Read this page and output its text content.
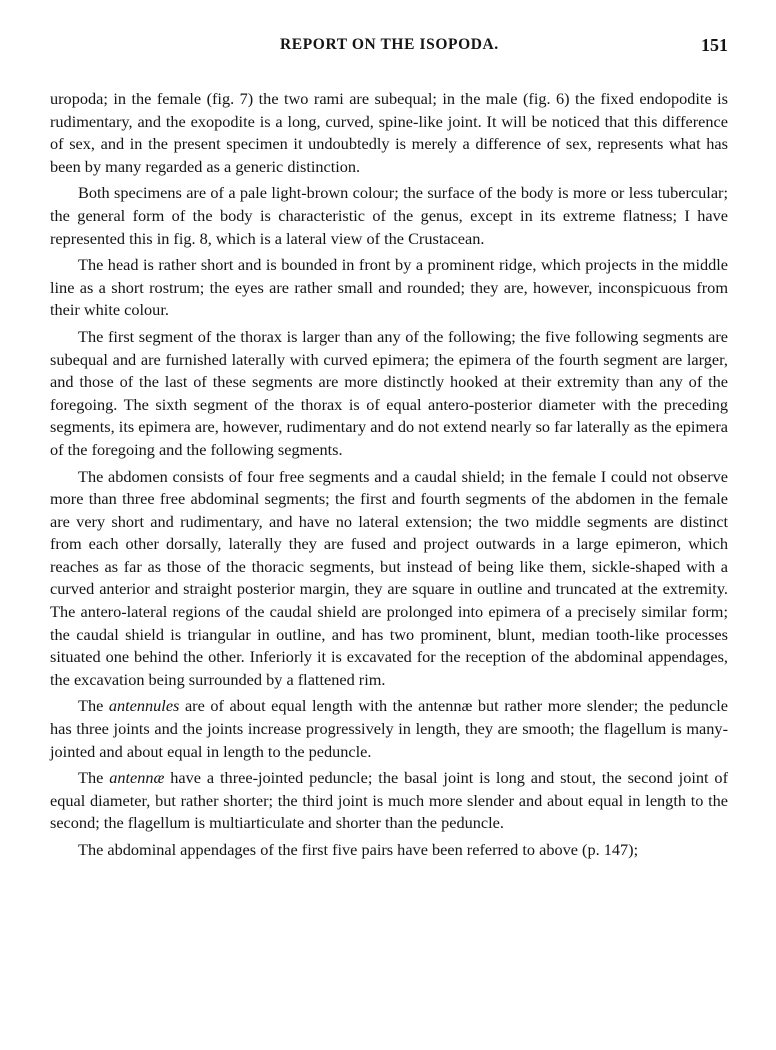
REPORT ON THE ISOPODA.	151

uropoda; in the female (fig. 7) the two rami are subequal; in the male (fig. 6) the fixed endopodite is rudimentary, and the exopodite is a long, curved, spine-like joint. It will be noticed that this difference of sex, and in the present specimen it undoubtedly is merely a difference of sex, represents what has been by many regarded as a generic distinction.

Both specimens are of a pale light-brown colour; the surface of the body is more or less tubercular; the general form of the body is characteristic of the genus, except in its extreme flatness; I have represented this in fig. 8, which is a lateral view of the Crustacean.

The head is rather short and is bounded in front by a prominent ridge, which projects in the middle line as a short rostrum; the eyes are rather small and rounded; they are, however, inconspicuous from their white colour.

The first segment of the thorax is larger than any of the following; the five following segments are subequal and are furnished laterally with curved epimera; the epimera of the fourth segment are larger, and those of the last of these segments are more distinctly hooked at their extremity than any of the foregoing. The sixth segment of the thorax is of equal antero-posterior diameter with the preceding segments, its epimera are, however, rudimentary and do not extend nearly so far laterally as the epimera of the foregoing and the following segments.

The abdomen consists of four free segments and a caudal shield; in the female I could not observe more than three free abdominal segments; the first and fourth segments of the abdomen in the female are very short and rudimentary, and have no lateral extension; the two middle segments are distinct from each other dorsally, laterally they are fused and project outwards in a large epimeron, which reaches as far as those of the thoracic segments, but instead of being like them, sickle-shaped with a curved anterior and straight posterior margin, they are square in outline and truncated at the extremity. The antero-lateral regions of the caudal shield are prolonged into epimera of a precisely similar form; the caudal shield is triangular in outline, and has two prominent, blunt, median tooth-like processes situated one behind the other. Inferiorly it is excavated for the reception of the abdominal appendages, the excavation being surrounded by a flattened rim.

The antennules are of about equal length with the antennæ but rather more slender; the peduncle has three joints and the joints increase progressively in length, they are smooth; the flagellum is many-jointed and about equal in length to the peduncle.

The antennæ have a three-jointed peduncle; the basal joint is long and stout, the second joint of equal diameter, but rather shorter; the third joint is much more slender and about equal in length to the second; the flagellum is multiarticulate and shorter than the peduncle.

The abdominal appendages of the first five pairs have been referred to above (p. 147);
